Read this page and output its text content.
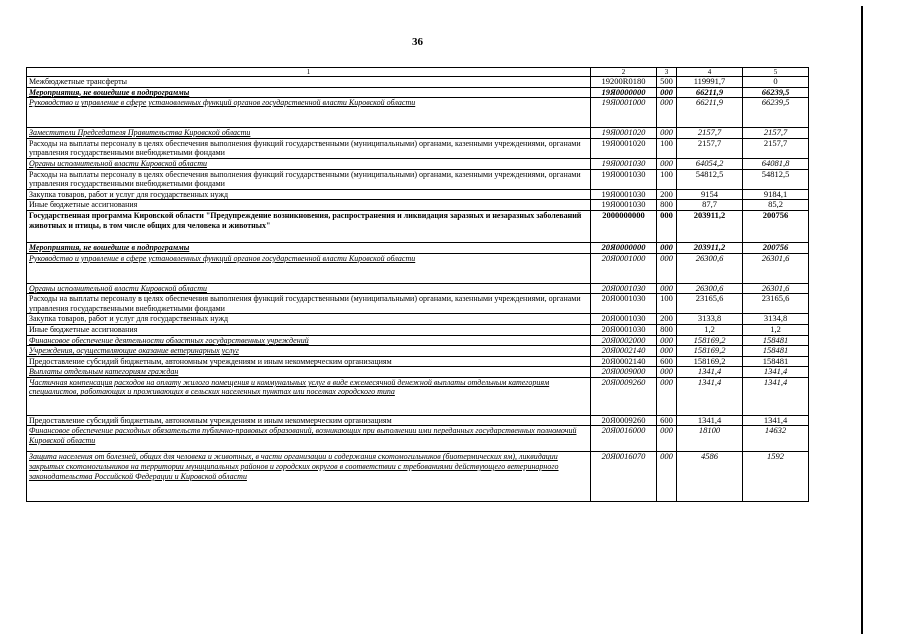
36
1	2	3	4	5
Межбюджетные трансферты	19200R0180	500	119991,7	0
Мероприятия, не вошедшие в подпрограммы	19Я0000000	000	66211,9	66239,5
Руководство и управление в сфере установленных функций органов государственной власти Кировской области	19Я0001000	000	66211,9	66239,5
Заместители Председателя Правительства Кировской области	19Я0001020	000	2157,7	2157,7
Расходы на выплаты персоналу в целях обеспечения выполнения функций государственными (муниципальными) органами, казенными учреждениями, органами управления государственными внебюджетными фондами	19Я0001020	100	2157,7	2157,7
Органы исполнительной власти Кировской области	19Я0001030	000	64054,2	64081,8
Расходы на выплаты персоналу в целях обеспечения выполнения функций государственными (муниципальными) органами, казенными учреждениями, органами управления государственными внебюджетными фондами	19Я0001030	100	54812,5	54812,5
Закупка товаров, работ и услуг для государственных нужд	19Я0001030	200	9154	9184,1
Иные бюджетные ассигнования	19Я0001030	800	87,7	85,2
Государственная программа Кировской области "Предупреждение возникновения, распространения и ликвидация заразных и незаразных заболеваний животных и птицы, в том числе общих для человека и животных"	2000000000	000	203911,2	200756
Мероприятия, не вошедшие в подпрограммы	20Я0000000	000	203911,2	200756
Руководство и управление в сфере установленных функций органов государственной власти Кировской области	20Я0001000	000	26300,6	26301,6
Органы исполнительной власти Кировской области	20Я0001030	000	26300,6	26301,6
Расходы на выплаты персоналу в целях обеспечения выполнения функций государственными (муниципальными) органами, казенными учреждениями, органами управления государственными внебюджетными фондами	20Я0001030	100	23165,6	23165,6
Закупка товаров, работ и услуг для государственных нужд	20Я0001030	200	3133,8	3134,8
Иные бюджетные ассигнования	20Я0001030	800	1,2	1,2
Финансовое обеспечение деятельности областных государственных учреждений	20Я0002000	000	158169,2	158481
Учреждения, осуществляющие оказание ветеринарных услуг	20Я0002140	000	158169,2	158481
Предоставление субсидий бюджетным, автономным учреждениям и иным некоммерческим организациям	20Я0002140	600	158169,2	158481
Выплаты отдельным категориям граждан	20Я0009000	000	1341,4	1341,4
Частичная компенсация расходов на оплату жилого помещения и коммунальных услуг в виде ежемесячной денежной выплаты отдельным категориям специалистов, работающих и проживающих в сельских населенных пунктах или поселках городского типа	20Я0009260	000	1341,4	1341,4
Предоставление субсидий бюджетным, автономным учреждениям и иным некоммерческим организациям	20Я0009260	600	1341,4	1341,4
Финансовое обеспечение расходных обязательств публично-правовых образований, возникающих при выполнении ими переданных государственных полномочий Кировской области	20Я0016000	000	18100	14632
Защита населения от болезней, общих для человека и животных, в части организации и содержания скотомогильников (биотермических ям), ликвидации закрытых скотомогильников на территории муниципальных районов и городских округов в соответствии с требованиями действующего ветеринарного законодательства Российской Федерации и Кировской области	20Я0016070	000	4586	1592
